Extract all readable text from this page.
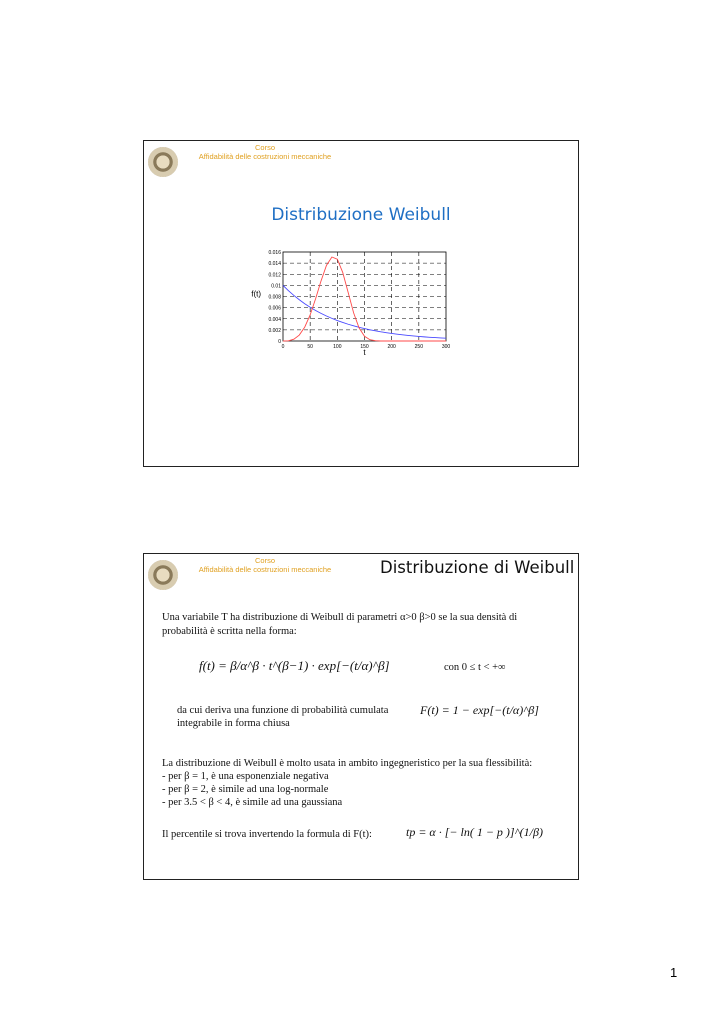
Corso
Affidabilità delle costruzioni meccaniche
Distribuzione Weibull
0	50	100	150	200	250	300
0
0.002
0.004
0.006
0.008
0.01
0.012
0.014
0.016
t
f(t)
Corso
Affidabilità delle costruzioni meccaniche	Distribuzione di Weibull
Una variabile T ha distribuzione di Weibull di parametri α>0 β>0 se la sua densità di
probabilità è scritta nella forma:
f(t) = β/α^β · t^(β−1) · exp[−(t/α)^β]	con 0 ≤ t < +∞
da cui deriva una funzione di probabilità cumulata
integrabile in forma chiusa
F(t) = 1 − exp[−(t/α)^β]
La distribuzione di Weibull è molto usata in ambito ingegneristico per la sua flessibilità:
- per β = 1, è una esponenziale negativa
- per β = 2, è simile ad una log-normale
- per 3.5 < β < 4, è simile ad una gaussiana
Il percentile si trova invertendo la formula di F(t):	tp = α · [− ln( 1 − p )]^(1/β)
1
